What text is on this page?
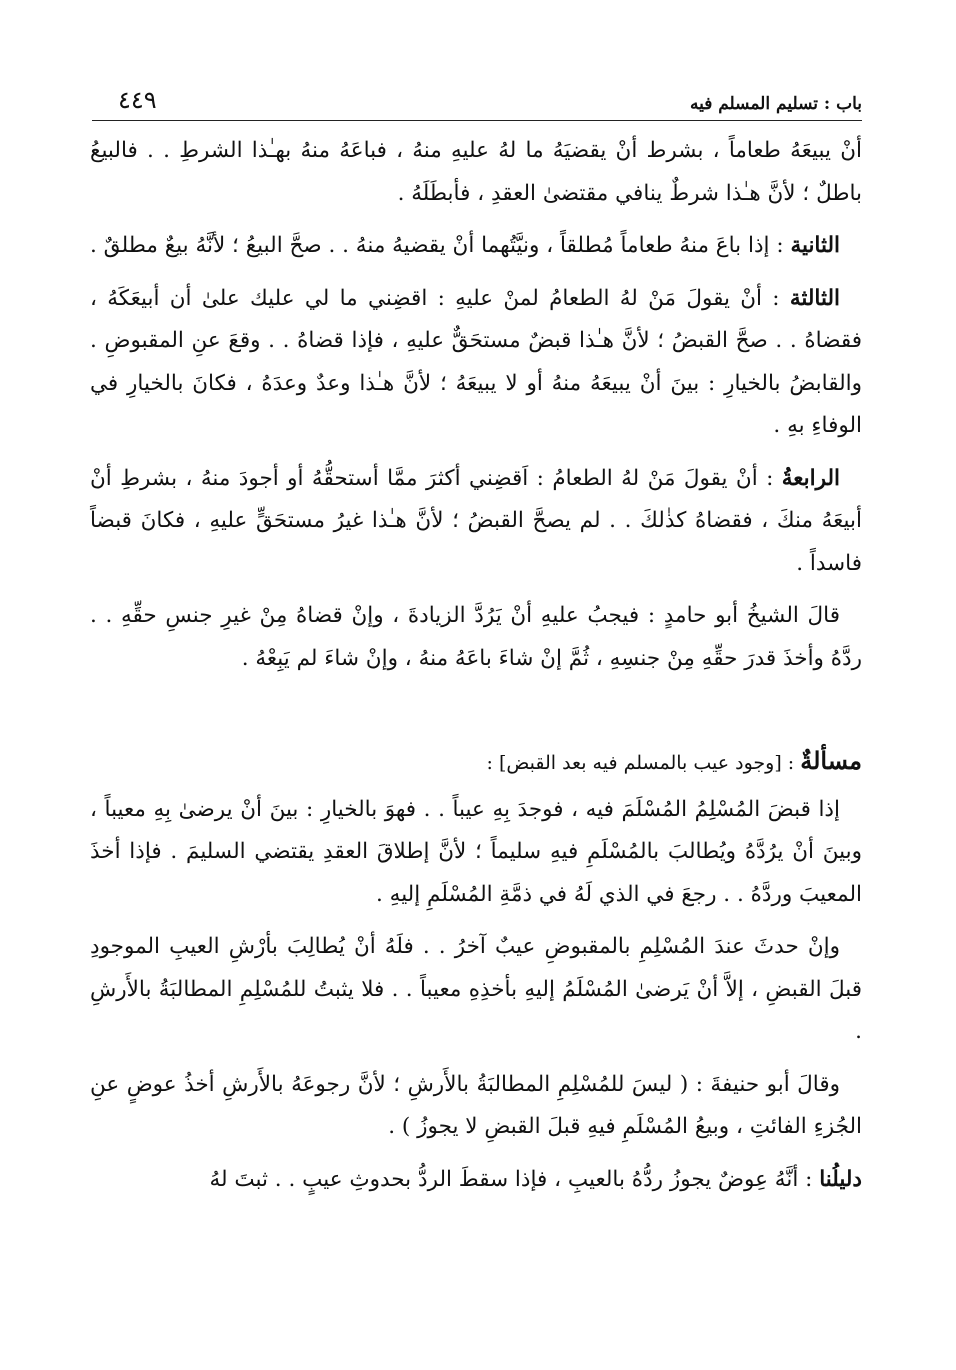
باب : تسليم المسلم فيه
٤٤٩

أنْ يبيعَهُ طعاماً ، بشرط أنْ يقضيَهُ ما لهُ عليهِ منهُ ، فباعَهُ منهُ بهـٰذا الشرطِ . . فالبيعُ باطلٌ ؛ لأنَّ هـٰذا شرطٌ ينافي مقتضىٰ العقدِ ، فأبطَلَهُ .

الثانية : إذا باعَ منهُ طعاماً مُطلقاً ، ونيَّتُهما أنْ يقضيهُ منهُ . . صحَّ البيعُ ؛ لأنَّهُ بيعٌ مطلقٌ .

الثالثة : أنْ يقولَ مَنْ لهُ الطعامُ لمنْ عليهِ : اقضِني ما لي عليك علىٰ أن أبيعَكَهُ ، فقضاهُ . . صحَّ القبضُ ؛ لأنَّ هـٰذا قبضٌ مستحَقٌّ عليهِ ، فإذا قضاهُ . . وقعَ عنِ المقبوضِ . والقابضُ بالخيارِ : بينَ أنْ يبيعَهُ منهُ أو لا يبيعَهُ ؛ لأنَّ هـٰذا وعدٌ وعدَهُ ، فكانَ بالخيارِ في الوفاءِ بهِ .

الرابعةُ : أنْ يقولَ مَنْ لهُ الطعامُ : اَقضِني أكثرَ ممَّا أستحقُّهُ أو أجودَ منهُ ، بشرطِ أنْ أبيعَهُ منكَ ، فقضاهُ كذٰلكَ . . لم يصحَّ القبضُ ؛ لأنَّ هـٰذا غيرُ مستحَقٍّ عليهِ ، فكانَ قبضاً فاسداً .

قالَ الشيخُ أبو حامدٍ : فيجبُ عليهِ أنْ يَرُدَّ الزيادةَ ، وإنْ قضاهُ مِنْ غيرِ جنسِ حقِّهِ . . ردَّهُ وأخذَ قدرَ حقِّهِ مِنْ جنسِهِ ، ثُمَّ إنْ شاءَ باعَهُ منهُ ، وإنْ شاءَ لم يَبِعْهُ .

مسألةٌ : [وجود عيب بالمسلم فيه بعد القبض] :

إذا قبضَ المُسْلِمُ المُسْلَمَ فيه ، فوجدَ بِهِ عيباً . . فهوَ بالخيارِ : بينَ أنْ يرضىٰ بِهِ معيباً ، وبينَ أنْ يرُدَّهُ ويُطالبَ بالمُسْلَمِ فيهِ سليماً ؛ لأنَّ إطلاقَ العقدِ يقتضي السليمَ . فإذا أخذَ المعيبَ وردَّهُ . . رجعَ في الذي لَهُ في ذمَّةِ المُسْلَمِ إليهِ .

وإنْ حدثَ عندَ المُسْلِمِ بالمقبوضِ عيبٌ آخرُ . . فلَهُ أنْ يُطالِبَ بأرْشِ العيبِ الموجودِ قبلَ القبضِ ، إلاَّ أنْ يَرضىٰ المُسْلَمُ إليهِ بأخذِهِ معيباً . . فلا يثبتُ للمُسْلِمِ المطالبَةُ بالأَرشِ .

وقالَ أبو حنيفةَ : ( ليسَ للمُسْلِمِ المطالبَةُ بالأَرشِ ؛ لأنَّ رجوعَهُ بالأَرشِ أخذُ عوضٍ عنِ الجُزءِ الفائتِ ، وبيعُ المُسْلَمِ فيهِ قبلَ القبضِ لا يجوزُ ) .

دليلُنا : أنَّهُ عِوضٌ يجوزُ ردُّهُ بالعيبِ ، فإذا سقطَ الردُّ بحدوثِ عيبٍ . . ثبتَ لهُ
